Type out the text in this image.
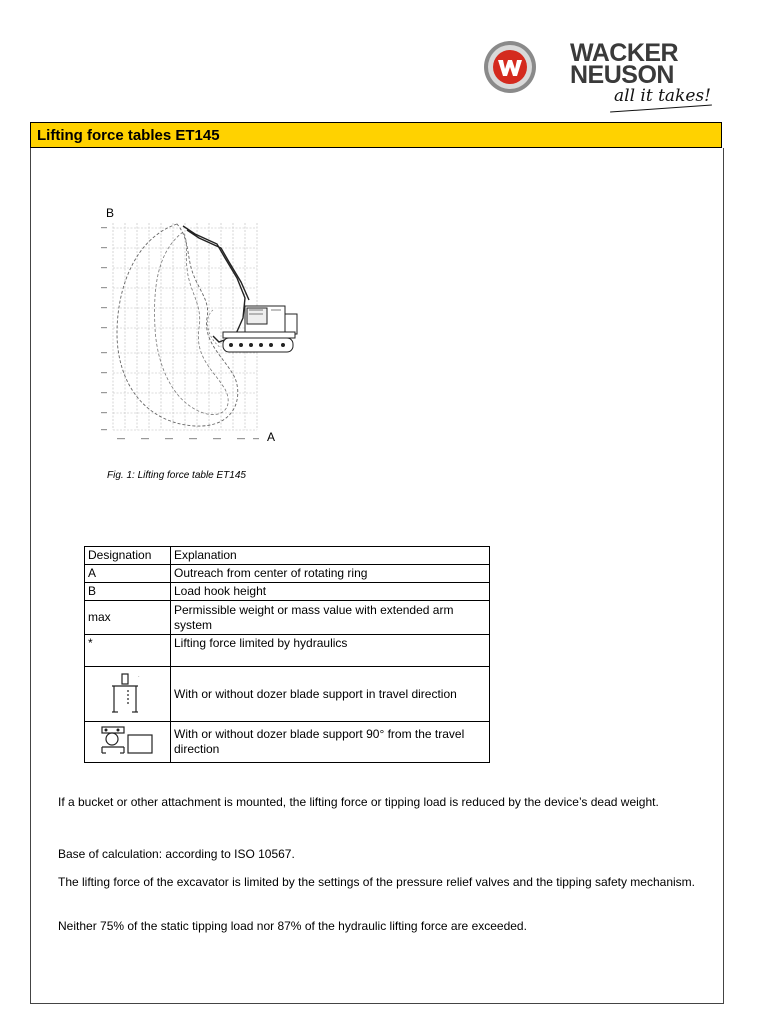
WACKER
NEUSON
all it takes!
Lifting force tables ET145
B
A
Fig. 1: Lifting force table ET145
Designation	Explanation
A	Outreach from center of rotating ring
B	Load hook height
max	Permissible weight or mass value with extended arm system
*	Lifting force limited by hydraulics

·	With or without dozer blade support in travel direction
	With or without dozer blade support 90° from the travel direction
If a bucket or other attachment is mounted, the lifting force or tipping load is reduced by the device’s dead weight.
Base of calculation: according to ISO 10567.
The lifting force of the excavator is limited by the settings of the pressure relief valves and the tipping safety mechanism.
Neither 75% of the static tipping load nor 87% of the hydraulic lifting force are exceeded.
